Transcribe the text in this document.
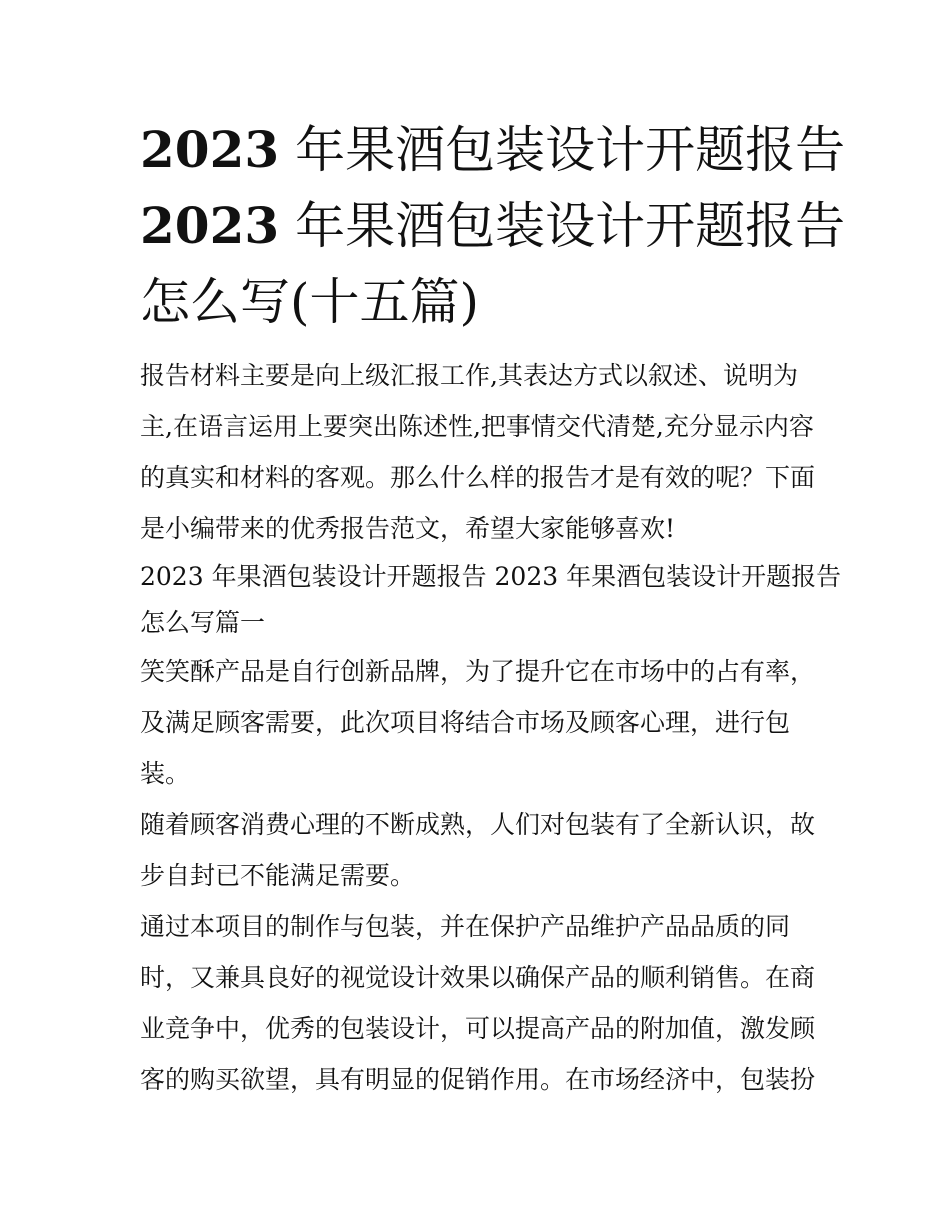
2023 年果酒包装设计开题报告
2023 年果酒包装设计开题报告
怎么写(十五篇)

报告材料主要是向上级汇报工作,其表达方式以叙述、说明为
主,在语言运用上要突出陈述性,把事情交代清楚,充分显示内容
的真实和材料的客观。那么什么样的报告才是有效的呢？下面
是小编带来的优秀报告范文，希望大家能够喜欢!

2023 年果酒包装设计开题报告 2023 年果酒包装设计开题报告
怎么写篇一

笑笑酥产品是自行创新品牌，为了提升它在市场中的占有率，
及满足顾客需要，此次项目将结合市场及顾客心理，进行包
装。

随着顾客消费心理的不断成熟，人们对包装有了全新认识，故
步自封已不能满足需要。

通过本项目的制作与包装，并在保护产品维护产品品质的同
时，又兼具良好的视觉设计效果以确保产品的顺利销售。在商
业竞争中，优秀的包装设计，可以提高产品的附加值，激发顾
客的购买欲望，具有明显的促销作用。在市场经济中，包装扮
